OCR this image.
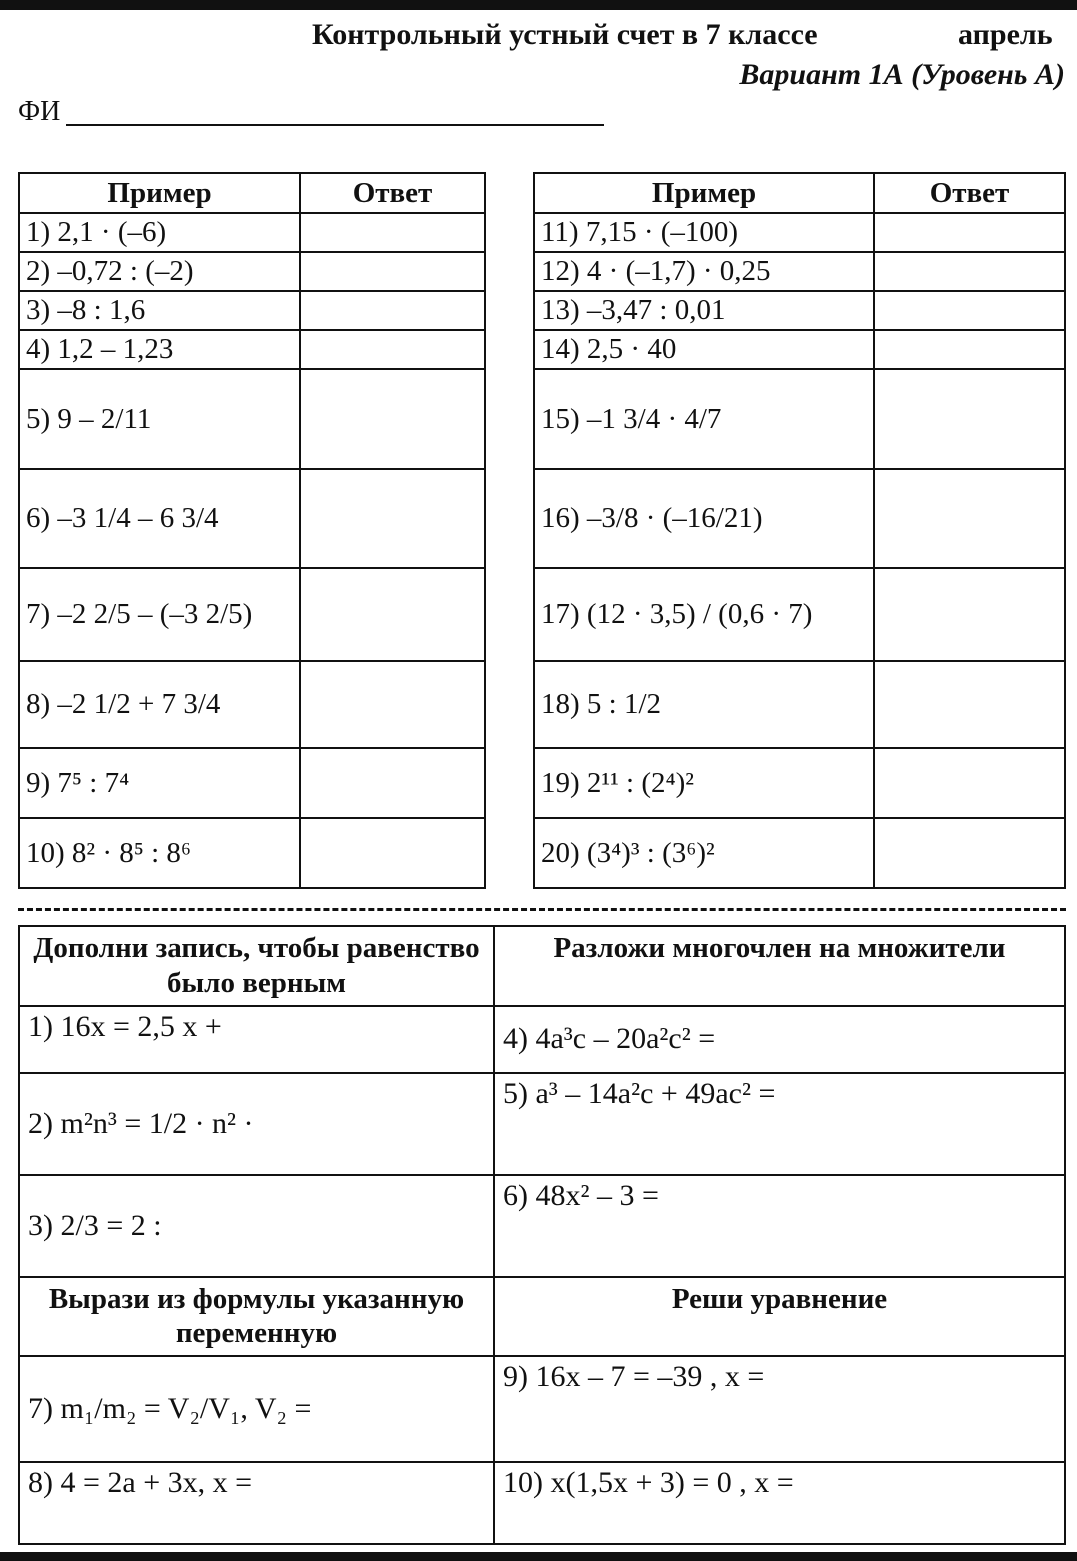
Контрольный устный счет в 7 классе	апрель
Вариант 1А (Уровень А)
ФИ
Пример	Ответ
1) 2,1 · (–6)	
2) –0,72 : (–2)	
3) –8 : 1,6	
4) 1,2 – 1,23	
5) 9 – 2/11	
6) –3 1/4 – 6 3/4	
7) –2 2/5 – (–3 2/5)	
8) –2 1/2 + 7 3/4	
9) 7⁵ : 7⁴	
10) 8² · 8⁵ : 8⁶	
Пример	Ответ
11) 7,15 · (–100)	
12) 4 · (–1,7) · 0,25	
13) –3,47 : 0,01	
14) 2,5 · 40	
15) –1 3/4 · 4/7	
16) –3/8 · (–16/21)	
17) (12 · 3,5) / (0,6 · 7)	
18) 5 : 1/2	
19) 2¹¹ : (2⁴)²	
20) (3⁴)³ : (3⁶)²	
Дополни запись, чтобы равенство было верным	Разложи многочлен на множители
1) 16x = 2,5 x +	4) 4a³c – 20a²c² =
2) m²n³ = 1/2 · n² ·	5) a³ – 14a²c + 49ac² =
3) 2/3 = 2 :	6) 48x² – 3 =
Вырази из формулы указанную переменную	Реши уравнение
7) m₁/m₂ = V₂/V₁, V₂ =	9) 16x – 7 = –39 , x =
8) 4 = 2a + 3x, x =	10) x(1,5x + 3) = 0 , x =
